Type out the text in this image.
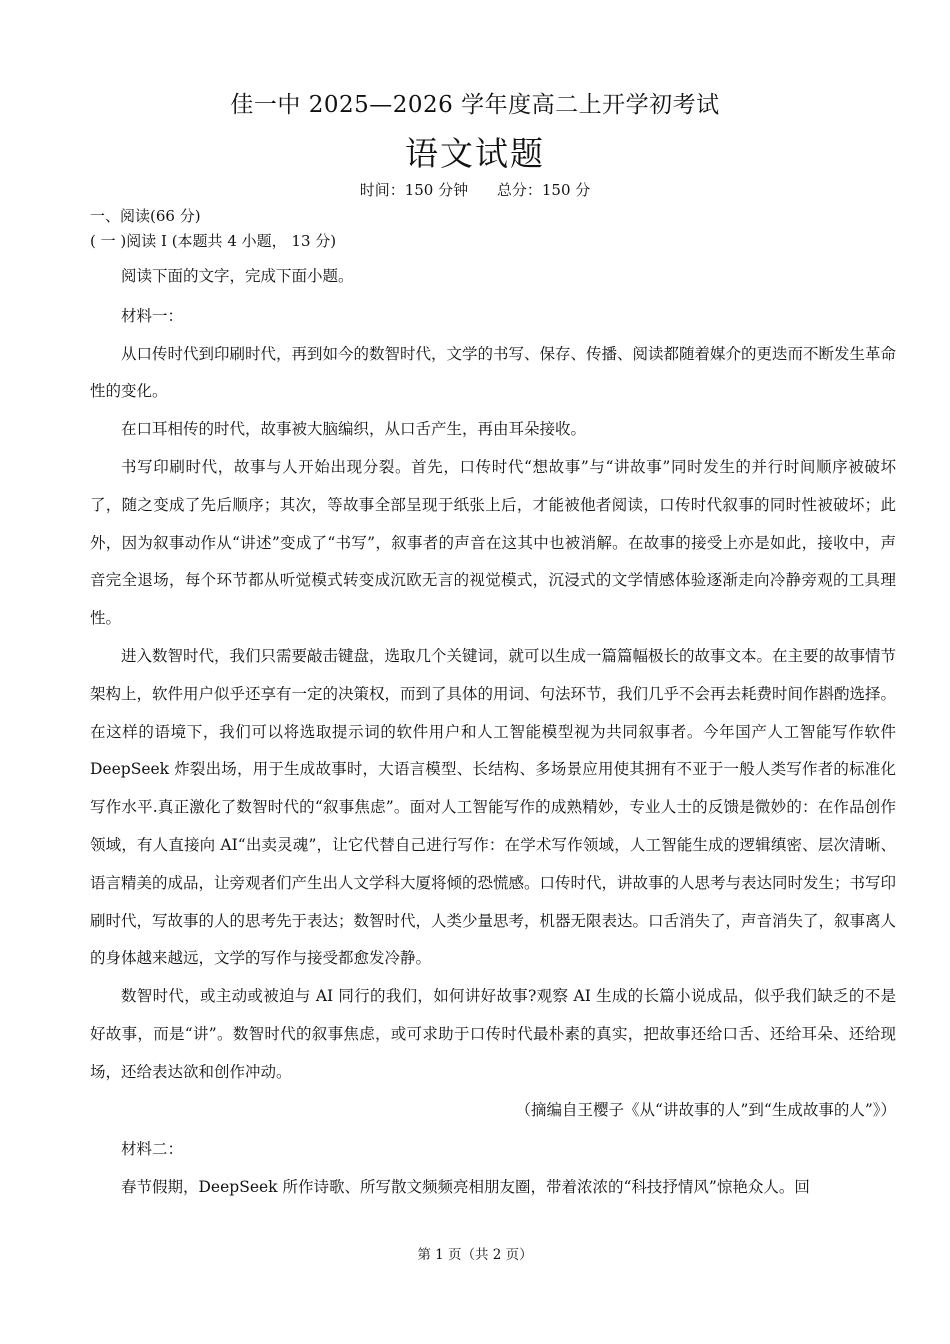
佳一中 2025—2026 学年度高二上开学初考试
语文试题
时间：150 分钟 总分：150 分
一、阅读(66 分)
( 一 )阅读 I (本题共 4 小题， 13 分)

阅读下面的文字，完成下面小题。

材料一：

从口传时代到印刷时代，再到如今的数智时代，文学的书写、保存、传播、阅读都随着媒介的更迭而不断发生革命性的变化。

在口耳相传的时代，故事被大脑编织，从口舌产生，再由耳朵接收。

书写印刷时代，故事与人开始出现分裂。首先，口传时代“想故事”与“讲故事”同时发生的并行时间顺序被破坏了，随之变成了先后顺序；其次，等故事全部呈现于纸张上后，才能被他者阅读，口传时代叙事的同时性被破坏；此外，因为叙事动作从“讲述”变成了“书写”，叙事者的声音在这其中也被消解。在故事的接受上亦是如此，接收中，声音完全退场，每个环节都从听觉模式转变成沉欧无言的视觉模式，沉浸式的文学情感体验逐渐走向冷静旁观的工具理性。

进入数智时代，我们只需要敲击键盘，选取几个关键词，就可以生成一篇篇幅极长的故事文本。在主要的故事情节架构上，软件用户似乎还享有一定的决策权，而到了具体的用词、句法环节，我们几乎不会再去耗费时间作斟酌选择。在这样的语境下，我们可以将选取提示词的软件用户和人工智能模型视为共同叙事者。今年国产人工智能写作软件 DeepSeek 炸裂出场，用于生成故事时，大语言模型、长结构、多场景应用使其拥有不亚于一般人类写作者的标准化写作水平.真正激化了数智时代的“叙事焦虑”。面对人工智能写作的成熟精妙，专业人士的反馈是微妙的：在作品创作领域，有人直接向 AI“出卖灵魂”，让它代替自己进行写作：在学术写作领域，人工智能生成的逻辑缜密、层次清晰、语言精美的成品，让旁观者们产生出人文学科大厦将倾的恐慌感。口传时代，讲故事的人思考与表达同时发生；书写印刷时代，写故事的人的思考先于表达；数智时代，人类少量思考，机器无限表达。口舌消失了，声音消失了，叙事离人的身体越来越远，文学的写作与接受都愈发冷静。

数智时代，或主动或被迫与 AI 同行的我们，如何讲好故事?观察 AI 生成的长篇小说成品，似乎我们缺乏的不是好故事，而是“讲”。数智时代的叙事焦虑，或可求助于口传时代最朴素的真实，把故事还给口舌、还给耳朵、还给现场，还给表达欲和创作冲动。

（摘编自王樱子《从“讲故事的人”到“生成故事的人”》）

材料二：

春节假期，DeepSeek 所作诗歌、所写散文频频亮相朋友圈，带着浓浓的“科技抒情风”惊艳众人。回

第 1 页（共 2 页）
